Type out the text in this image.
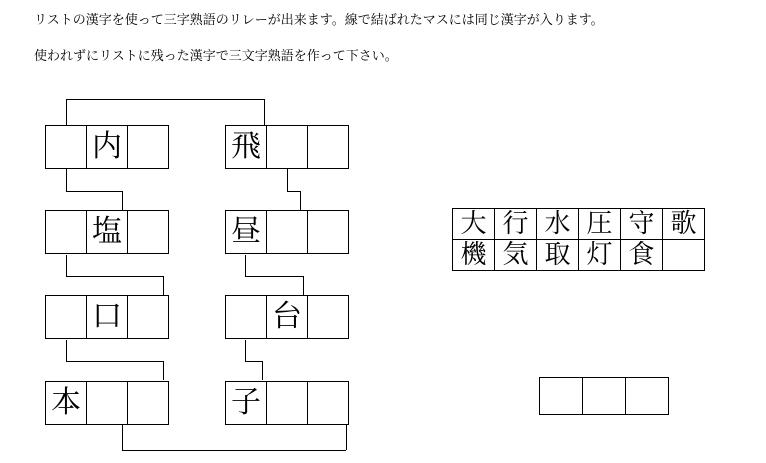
リストの漢字を使って三字熟語のリレーが出来ます。線で結ばれたマスには同じ漢字が入ります。
使われずにリストに残った漢字で三文字熟語を作って下さい。
内
塩
口
本
飛
昼
台
子
大 行 水 圧 守 歌
機 気 取 灯 食
